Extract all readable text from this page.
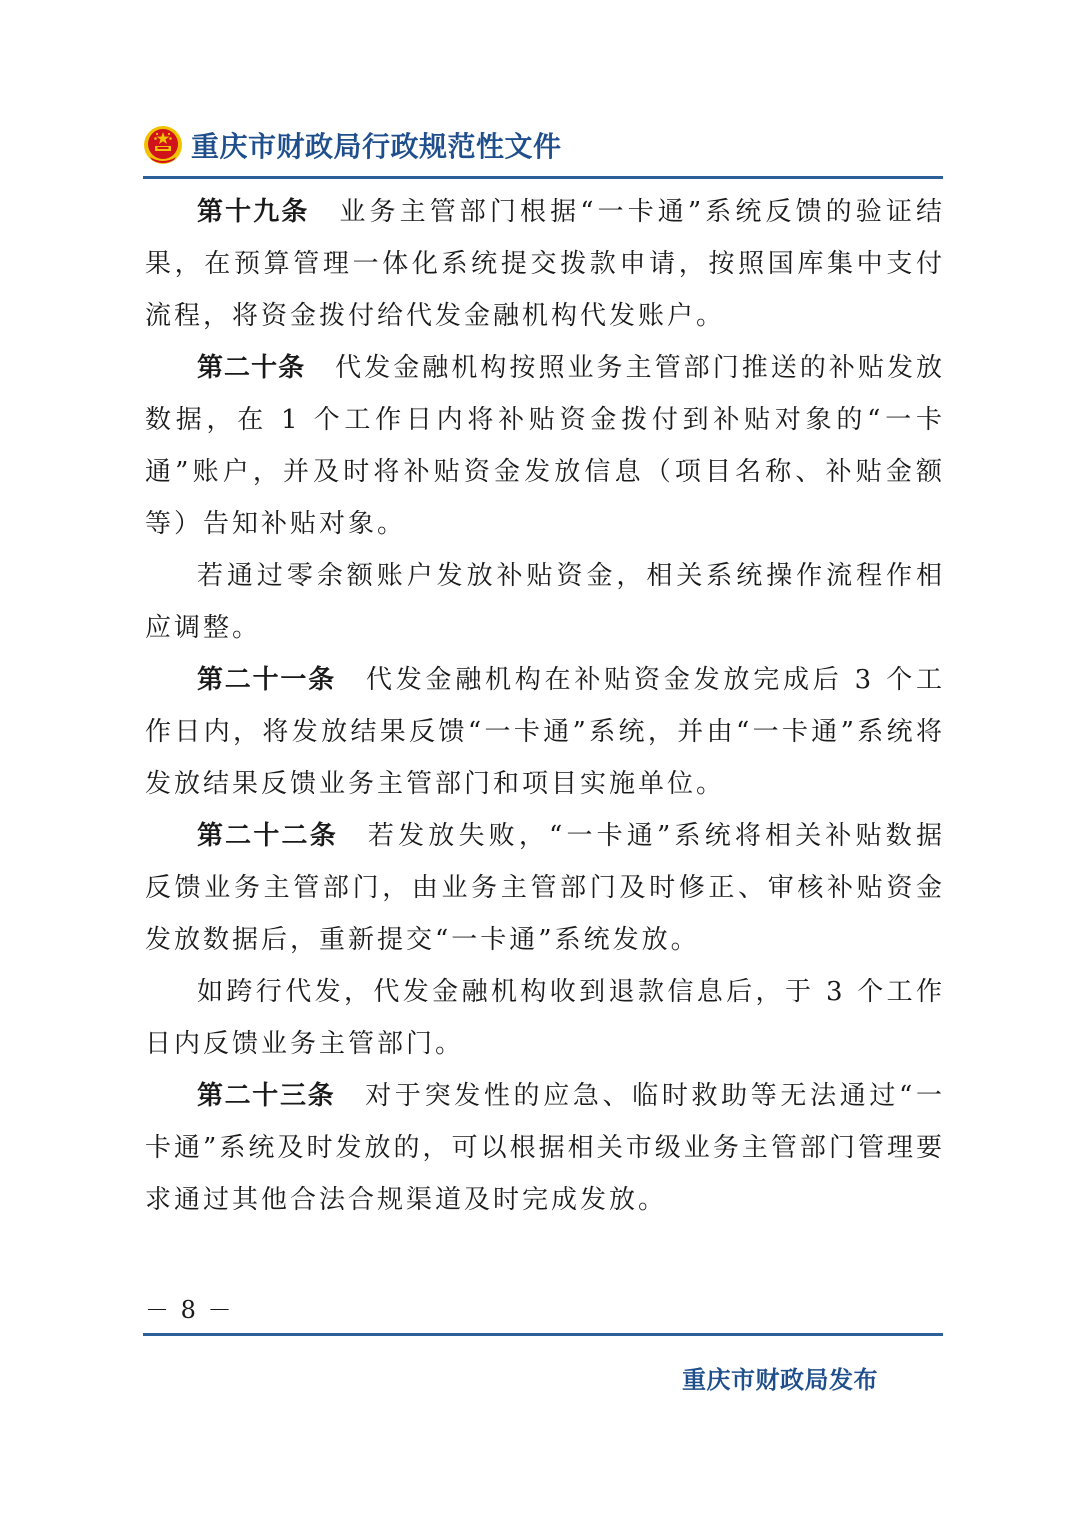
重庆市财政局行政规范性文件

第十九条 业务主管部门根据“一卡通”系统反馈的验证结果，在预算管理一体化系统提交拨款申请，按照国库集中支付流程，将资金拨付给代发金融机构代发账户。

第二十条 代发金融机构按照业务主管部门推送的补贴发放数据，在 1 个工作日内将补贴资金拨付到补贴对象的“一卡通”账户，并及时将补贴资金发放信息（项目名称、补贴金额等）告知补贴对象。

若通过零余额账户发放补贴资金，相关系统操作流程作相应调整。

第二十一条 代发金融机构在补贴资金发放完成后 3 个工作日内，将发放结果反馈“一卡通”系统，并由“一卡通”系统将发放结果反馈业务主管部门和项目实施单位。

第二十二条 若发放失败，“一卡通”系统将相关补贴数据反馈业务主管部门，由业务主管部门及时修正、审核补贴资金发放数据后，重新提交“一卡通”系统发放。

如跨行代发，代发金融机构收到退款信息后，于 3 个工作日内反馈业务主管部门。

第二十三条 对于突发性的应急、临时救助等无法通过“一卡通”系统及时发放的，可以根据相关市级业务主管部门管理要求通过其他合法合规渠道及时完成发放。

－ 8 －
重庆市财政局发布
